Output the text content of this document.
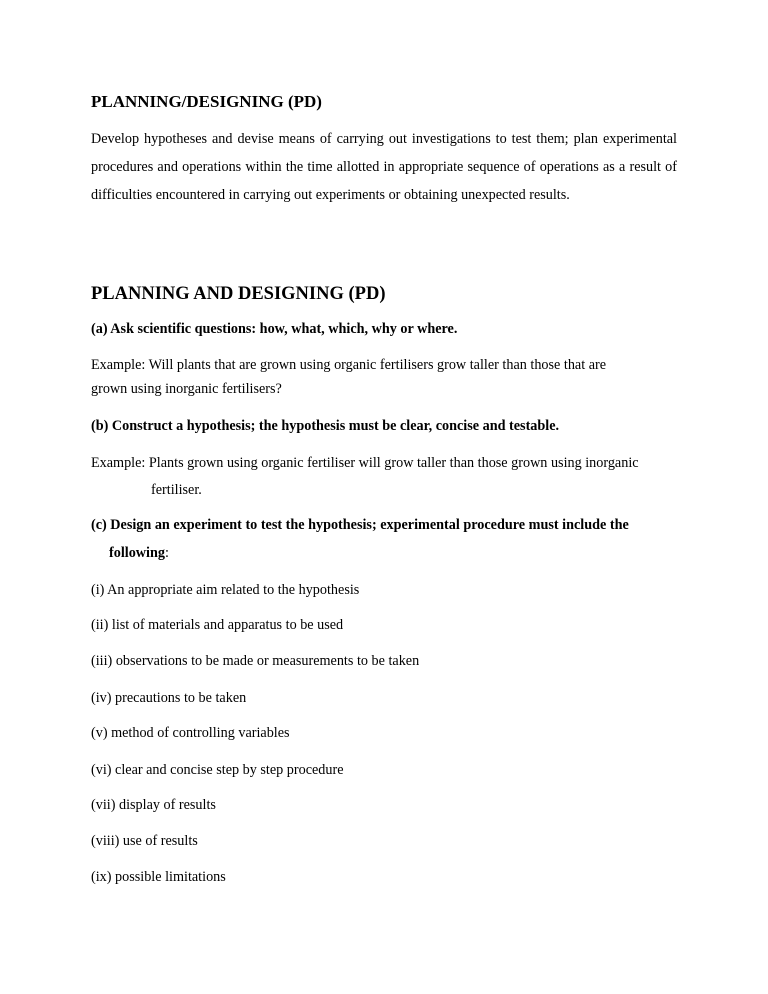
PLANNING/DESIGNING (PD)

Develop hypotheses and devise means of carrying out investigations to test them; plan experimental procedures and operations within the time allotted in appropriate sequence of operations as a result of difficulties encountered in carrying out experiments or obtaining unexpected results.

PLANNING AND DESIGNING (PD)

(a) Ask scientific questions: how, what, which, why or where.

Example: Will plants that are grown using organic fertilisers grow taller than those that are

grown using inorganic fertilisers?

(b) Construct a hypothesis; the hypothesis must be clear, concise and testable.

Example: Plants grown using organic fertiliser will grow taller than those grown using inorganic

fertiliser.

(c) Design an experiment to test the hypothesis; experimental procedure must include the

following:

(i) An appropriate aim related to the hypothesis

(ii) list of materials and apparatus to be used

(iii) observations to be made or measurements to be taken

(iv) precautions to be taken

(v) method of controlling variables

(vi) clear and concise step by step procedure

(vii) display of results

(viii) use of results

(ix) possible limitations
